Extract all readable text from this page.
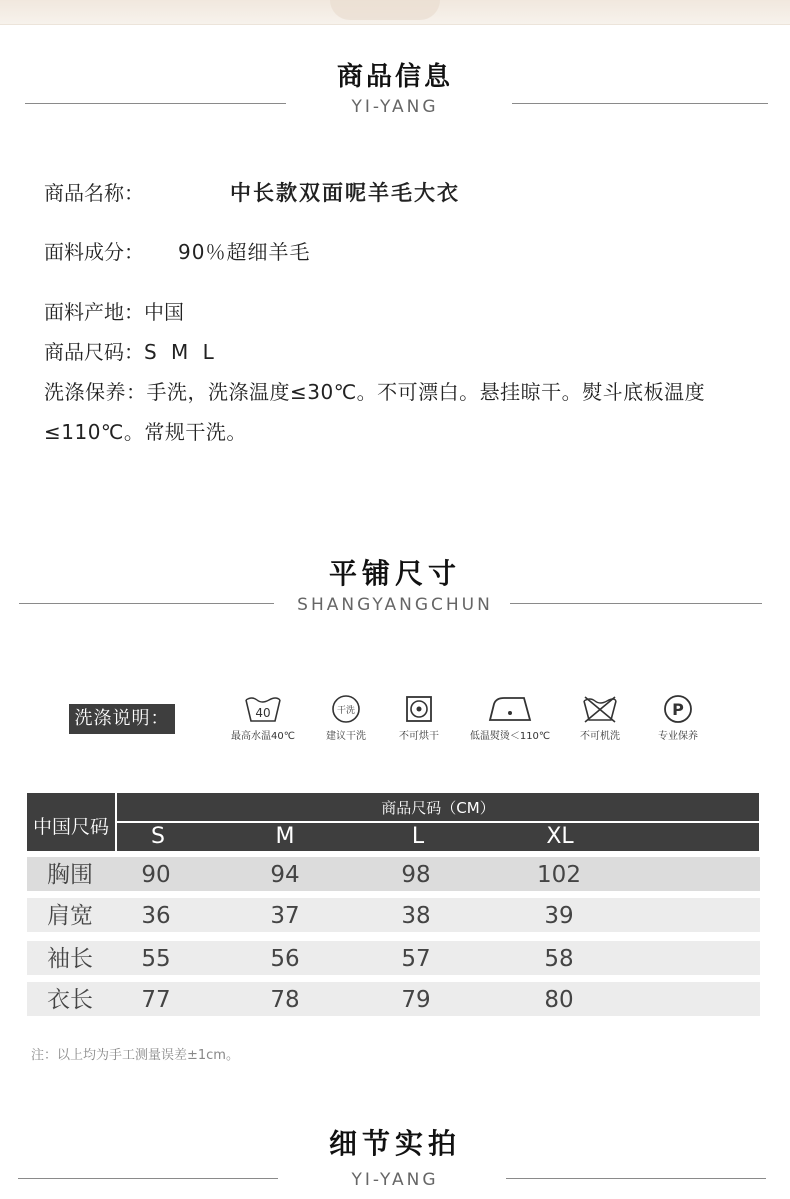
商品信息
YI-YANG
商品名称：	中长款双面呢羊毛大衣
面料成分： 90％超细羊毛
面料产地：中国
商品尺码：S M L
洗涤保养：手洗，洗涤温度≤30℃。不可漂白。悬挂晾干。熨斗底板温度
≤110℃。常规干洗。
平铺尺寸
SHANGYANGCHUN
洗涤说明：	40
最高水温40℃
干洗
建议干洗	不可烘干	低温熨烫＜110℃	不可机洗
P
专业保养
中国尺码
商品尺码（CM）
S	M	L	XL
胸围	90	94	98	102
肩宽	36	37	38	39
袖长	55	56	57	58
衣长	77	78	79	80
注：以上均为手工测量误差±1cm。
细节实拍
YI-YANG
